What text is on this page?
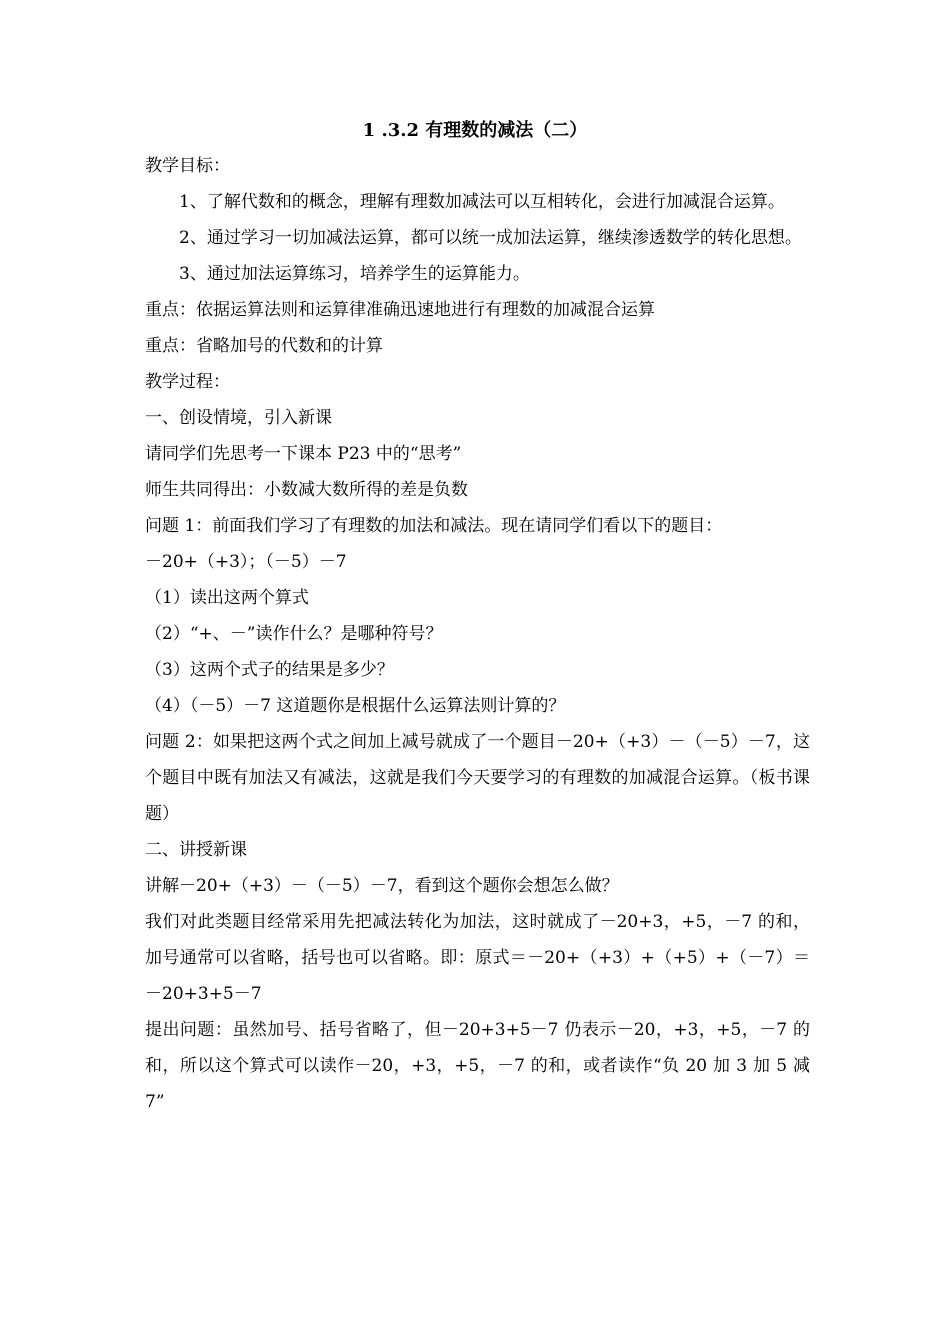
1 .3.2 有理数的减法（二）
教学目标：
1、了解代数和的概念，理解有理数加减法可以互相转化，会进行加减混合运算。
2、通过学习一切加减法运算，都可以统一成加法运算，继续渗透数学的转化思想。
3、通过加法运算练习，培养学生的运算能力。
重点：依据运算法则和运算律准确迅速地进行有理数的加减混合运算
重点：省略加号的代数和的计算
教学过程：
一、创设情境，引入新课
请同学们先思考一下课本 P23 中的“思考”
师生共同得出：小数减大数所得的差是负数
问题 1：前面我们学习了有理数的加法和减法。现在请同学们看以下的题目：
－20+（+3）；（－5）－7
（1）读出这两个算式
（2）“+、－”读作什么？是哪种符号？
（3）这两个式子的结果是多少？
（4）（－5）－7 这道题你是根据什么运算法则计算的？
问题 2：如果把这两个式之间加上减号就成了一个题目－20+（+3）－（－5）－7，这个题目中既有加法又有减法，这就是我们今天要学习的有理数的加减混合运算。（板书课题）
二、讲授新课
讲解－20+（+3）－（－5）－7，看到这个题你会想怎么做？
我们对此类题目经常采用先把减法转化为加法，这时就成了－20+3，+5，－7 的和，加号通常可以省略，括号也可以省略。即：原式＝－20+（+3）+（+5）+（－7）＝－20+3+5－7
提出问题：虽然加号、括号省略了，但－20+3+5－7 仍表示－20，+3，+5，－7 的和，所以这个算式可以读作－20，+3，+5，－7 的和，或者读作“负 20 加 3 加 5 减 7”
